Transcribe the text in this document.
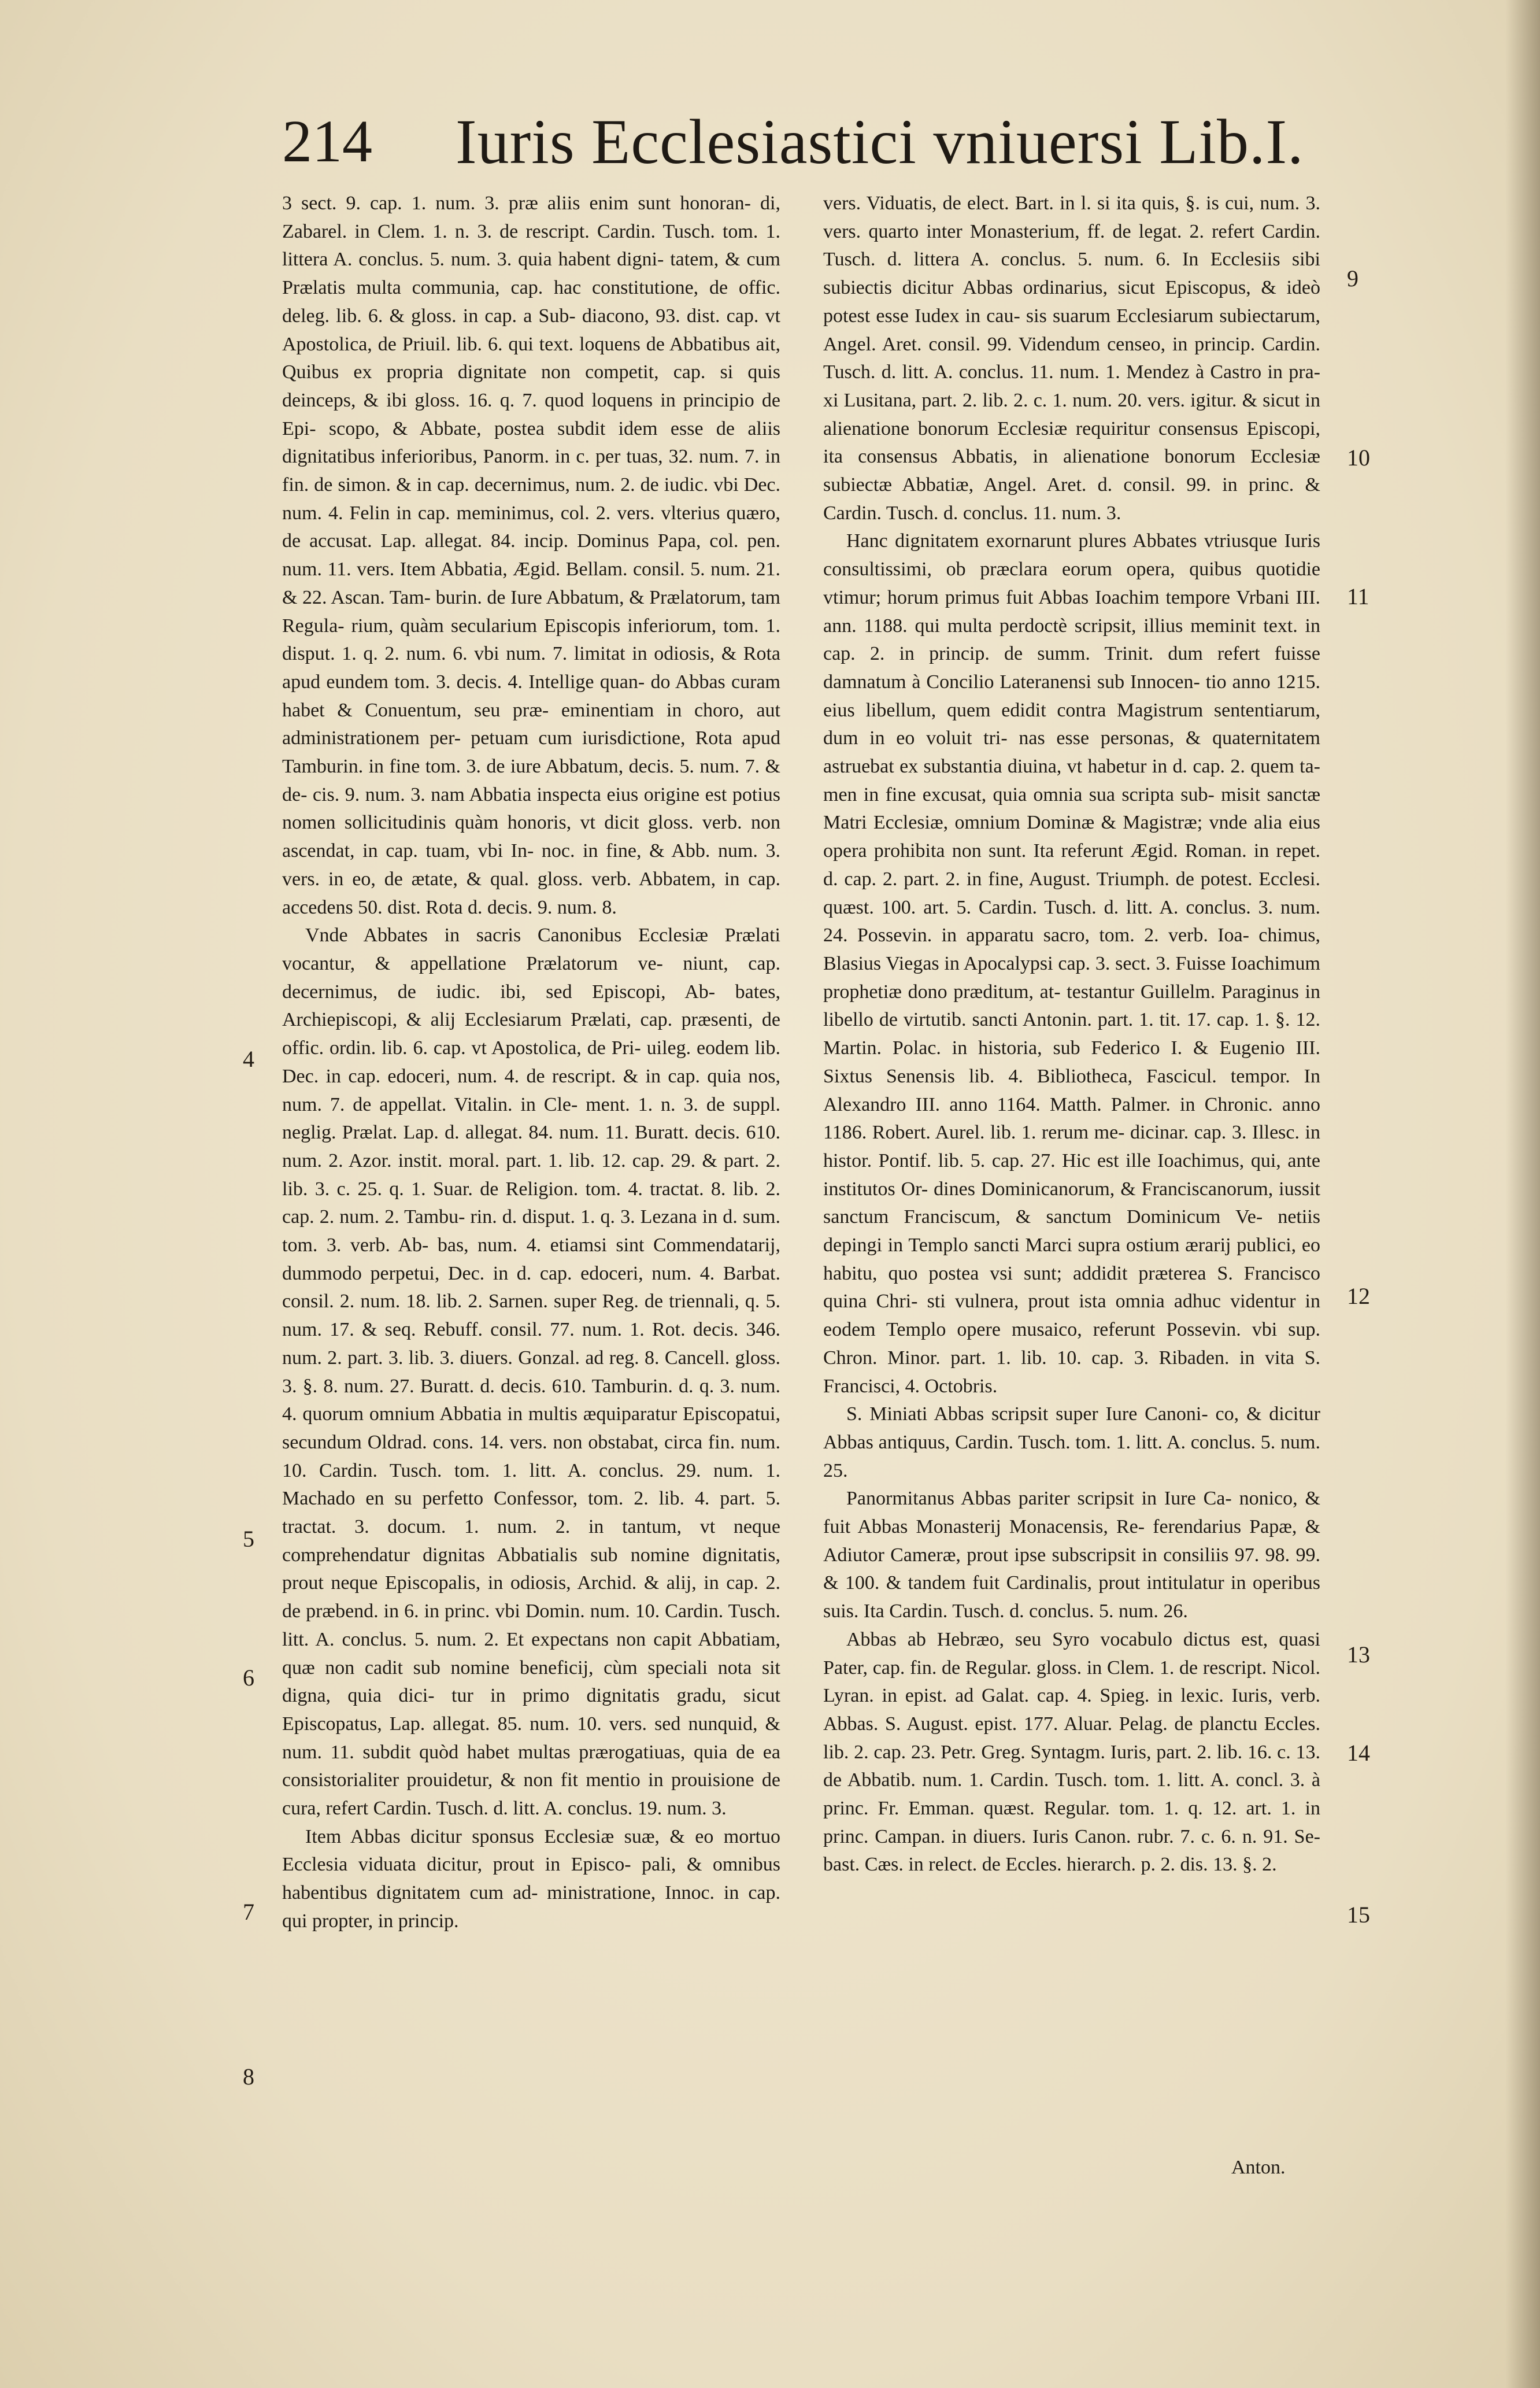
214 Iuris Ecclesiastici vniuersi Lib.I.

3 sect. 9. cap. 1. num. 3. præ aliis enim sunt honoran- di, Zabarel. in Clem. 1. n. 3. de rescript. Cardin. Tusch. tom. 1. littera A. conclus. 5. num. 3. quia habent digni- tatem, & cum Prælatis multa communia, cap. hac constitutione, de offic. deleg. lib. 6. & gloss. in cap. a Sub- diacono, 93. dist. cap. vt Apostolica, de Priuil. lib. 6. qui text. loquens de Abbatibus ait, Quibus ex propria dignitate non competit, cap. si quis deinceps, & ibi gloss. 16. q. 7. quod loquens in principio de Epi- scopo, & Abbate, postea subdit idem esse de aliis dignitatibus inferioribus, Panorm. in c. per tuas, 32. num. 7. in fin. de simon. & in cap. decernimus, num. 2. de iudic. vbi Dec. num. 4. Felin in cap. meminimus, col. 2. vers. vlterius quæro, de accusat. Lap. allegat. 84. incip. Dominus Papa, col. pen. num. 11. vers. Item Abbatia, Ægid. Bellam. consil. 5. num. 21. & 22. Ascan. Tam- burin. de Iure Abbatum, & Prælatorum, tam Regula- rium, quàm secularium Episcopis inferiorum, tom. 1. disput. 1. q. 2. num. 6. vbi num. 7. limitat in odiosis, & Rota apud eundem tom. 3. decis. 4. Intellige quan- do Abbas curam habet & Conuentum, seu præ- eminentiam in choro, aut administrationem per- petuam cum iurisdictione, Rota apud Tamburin. in fine tom. 3. de iure Abbatum, decis. 5. num. 7. & de- cis. 9. num. 3. nam Abbatia inspecta eius origine est potius nomen sollicitudinis quàm honoris, vt dicit gloss. verb. non ascendat, in cap. tuam, vbi In- noc. in fine, & Abb. num. 3. vers. in eo, de ætate, & qual. gloss. verb. Abbatem, in cap. accedens 50. dist. Rota d. decis. 9. num. 8.

Vnde Abbates in sacris Canonibus Ecclesiæ Prælati vocantur, & appellatione Prælatorum ve- niunt, cap. decernimus, de iudic. ibi, sed Episcopi, Ab- bates, Archiepiscopi, & alij Ecclesiarum Prælati, cap. præsenti, de offic. ordin. lib. 6. cap. vt Apostolica, de Pri- uileg. eodem lib. Dec. in cap. edoceri, num. 4. de rescript. & in cap. quia nos, num. 7. de appellat. Vitalin. in Cle- ment. 1. n. 3. de suppl. neglig. Prælat. Lap. d. allegat. 84. num. 11. Buratt. decis. 610. num. 2. Azor. instit. moral. part. 1. lib. 12. cap. 29. & part. 2. lib. 3. c. 25. q. 1. Suar. de Religion. tom. 4. tractat. 8. lib. 2. cap. 2. num. 2. Tambu- rin. d. disput. 1. q. 3. Lezana in d. sum. tom. 3. verb. Ab- bas, num. 4. etiamsi sint Commendatarij, dummodo perpetui, Dec. in d. cap. edoceri, num. 4. Barbat. consil. 2. num. 18. lib. 2. Sarnen. super Reg. de triennali, q. 5. num. 17. & seq. Rebuff. consil. 77. num. 1. Rot. decis. 346. num. 2. part. 3. lib. 3. diuers. Gonzal. ad reg. 8. Cancell. gloss. 3. §. 8. num. 27. Buratt. d. decis. 610. Tamburin. d. q. 3. num. 4. quorum omnium Abbatia in multis æquiparatur Episcopatui, secundum Oldrad. cons. 14. vers. non obstabat, circa fin. num. 10. Cardin. Tusch. tom. 1. litt. A. conclus. 29. num. 1. Machado en su perfetto Confessor, tom. 2. lib. 4. part. 5. tractat. 3. docum. 1. num. 2. in tantum, vt neque comprehendatur dignitas Abbatialis sub nomine dignitatis, prout neque Episcopalis, in odiosis, Archid. & alij, in cap. 2. de præbend. in 6. in princ. vbi Domin. num. 10. Cardin. Tusch. litt. A. conclus. 5. num. 2. Et expectans non capit Abbatiam, quæ non cadit sub nomine beneficij, cùm speciali nota sit digna, quia dici- tur in primo dignitatis gradu, sicut Episcopatus, Lap. allegat. 85. num. 10. vers. sed nunquid, & num. 11. subdit quòd habet multas prærogatiuas, quia de ea consistorialiter prouidetur, & non fit mentio in prouisione de cura, refert Cardin. Tusch. d. litt. A. conclus. 19. num. 3.

Item Abbas dicitur sponsus Ecclesiæ suæ, & eo mortuo Ecclesia viduata dicitur, prout in Episco- pali, & omnibus habentibus dignitatem cum ad- ministratione, Innoc. in cap. qui propter, in princip.

vers. Viduatis, de elect. Bart. in l. si ita quis, §. is cui, num. 3. vers. quarto inter Monasterium, ff. de legat. 2. refert Cardin. Tusch. d. littera A. conclus. 5. num. 6. In Ecclesiis sibi subiectis dicitur Abbas ordinarius, sicut Episcopus, & ideò potest esse Iudex in cau- sis suarum Ecclesiarum subiectarum, Angel. Aret. consil. 99. Videndum censeo, in princip. Cardin. Tusch. d. litt. A. conclus. 11. num. 1. Mendez à Castro in pra- xi Lusitana, part. 2. lib. 2. c. 1. num. 20. vers. igitur. & sicut in alienatione bonorum Ecclesiæ requiritur consensus Episcopi, ita consensus Abbatis, in alienatione bonorum Ecclesiæ subiectæ Abbatiæ, Angel. Aret. d. consil. 99. in princ. & Cardin. Tusch. d. conclus. 11. num. 3.

Hanc dignitatem exornarunt plures Abbates vtriusque Iuris consultissimi, ob præclara eorum opera, quibus quotidie vtimur; horum primus fuit Abbas Ioachim tempore Vrbani III. ann. 1188. qui multa perdoctè scripsit, illius meminit text. in cap. 2. in princip. de summ. Trinit. dum refert fuisse damnatum à Concilio Lateranensi sub Innocen- tio anno 1215. eius libellum, quem edidit contra Magistrum sententiarum, dum in eo voluit tri- nas esse personas, & quaternitatem astruebat ex substantia diuina, vt habetur in d. cap. 2. quem ta- men in fine excusat, quia omnia sua scripta sub- misit sanctæ Matri Ecclesiæ, omnium Dominæ & Magistræ; vnde alia eius opera prohibita non sunt. Ita referunt Ægid. Roman. in repet. d. cap. 2. part. 2. in fine, August. Triumph. de potest. Ecclesi. quæst. 100. art. 5. Cardin. Tusch. d. litt. A. conclus. 3. num. 24. Possevin. in apparatu sacro, tom. 2. verb. Ioa- chimus, Blasius Viegas in Apocalypsi cap. 3. sect. 3. Fuisse Ioachimum prophetiæ dono præditum, at- testantur Guillelm. Paraginus in libello de virtutib. sancti Antonin. part. 1. tit. 17. cap. 1. §. 12. Martin. Polac. in historia, sub Federico I. & Eugenio III. Sixtus Senensis lib. 4. Bibliotheca, Fascicul. tempor. In Alexandro III. anno 1164. Matth. Palmer. in Chronic. anno 1186. Robert. Aurel. lib. 1. rerum me- dicinar. cap. 3. Illesc. in histor. Pontif. lib. 5. cap. 27. Hic est ille Ioachimus, qui, ante institutos Or- dines Dominicanorum, & Franciscanorum, iussit sanctum Franciscum, & sanctum Dominicum Ve- netiis depingi in Templo sancti Marci supra ostium ærarij publici, eo habitu, quo postea vsi sunt; addidit præterea S. Francisco quina Chri- sti vulnera, prout ista omnia adhuc videntur in eodem Templo opere musaico, referunt Possevin. vbi sup. Chron. Minor. part. 1. lib. 10. cap. 3. Ribaden. in vita S. Francisci, 4. Octobris.

S. Miniati Abbas scripsit super Iure Canoni- co, & dicitur Abbas antiquus, Cardin. Tusch. tom. 1. litt. A. conclus. 5. num. 25.

Panormitanus Abbas pariter scripsit in Iure Ca- nonico, & fuit Abbas Monasterij Monacensis, Re- ferendarius Papæ, & Adiutor Cameræ, prout ipse subscripsit in consiliis 97. 98. 99. & 100. & tandem fuit Cardinalis, prout intitulatur in operibus suis. Ita Cardin. Tusch. d. conclus. 5. num. 26.

Abbas ab Hebræo, seu Syro vocabulo dictus est, quasi Pater, cap. fin. de Regular. gloss. in Clem. 1. de rescript. Nicol. Lyran. in epist. ad Galat. cap. 4. Spieg. in lexic. Iuris, verb. Abbas. S. August. epist. 177. Aluar. Pelag. de planctu Eccles. lib. 2. cap. 23. Petr. Greg. Syntagm. Iuris, part. 2. lib. 16. c. 13. de Abbatib. num. 1. Cardin. Tusch. tom. 1. litt. A. concl. 3. à princ. Fr. Emman. quæst. Regular. tom. 1. q. 12. art. 1. in princ. Campan. in diuers. Iuris Canon. rubr. 7. c. 6. n. 91. Se- bast. Cæs. in relect. de Eccles. hierarch. p. 2. dis. 13. §. 2.

4
5
6
7
8
9
10
11
12
13
14
15
Anton.
